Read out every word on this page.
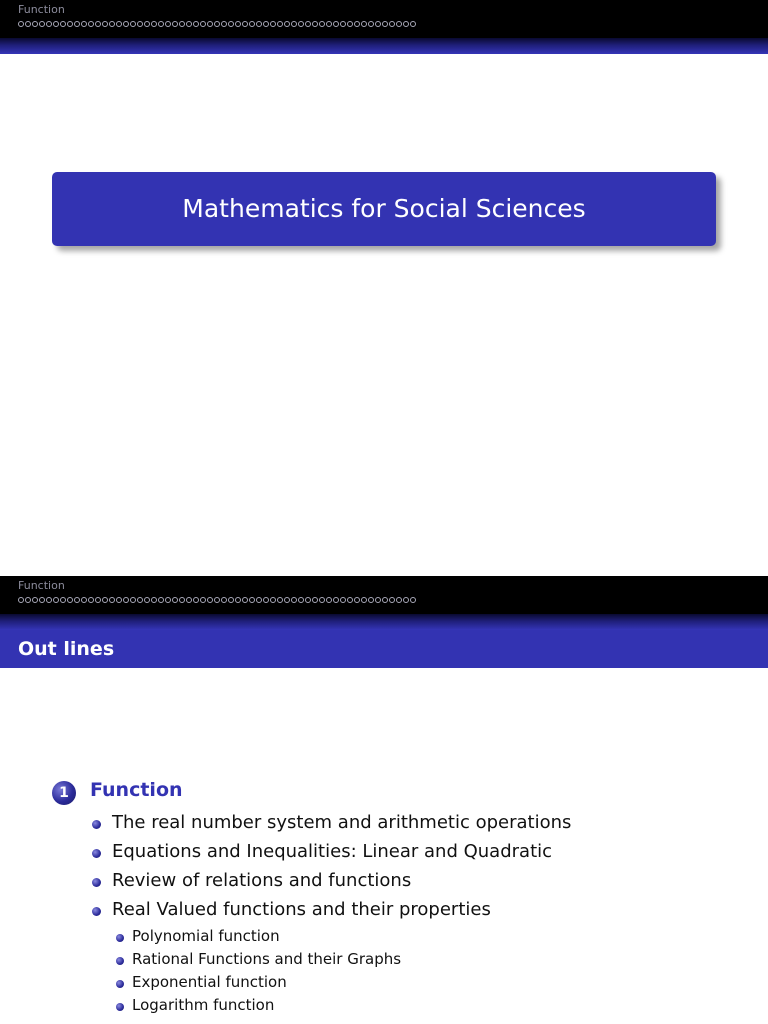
Function
Mathematics for Social Sciences
Function
Out lines
1	Function
The real number system and arithmetic operations
Equations and Inequalities: Linear and Quadratic
Review of relations and functions
Real Valued functions and their properties
Polynomial function
Rational Functions and their Graphs
Exponential function
Logarithm function
